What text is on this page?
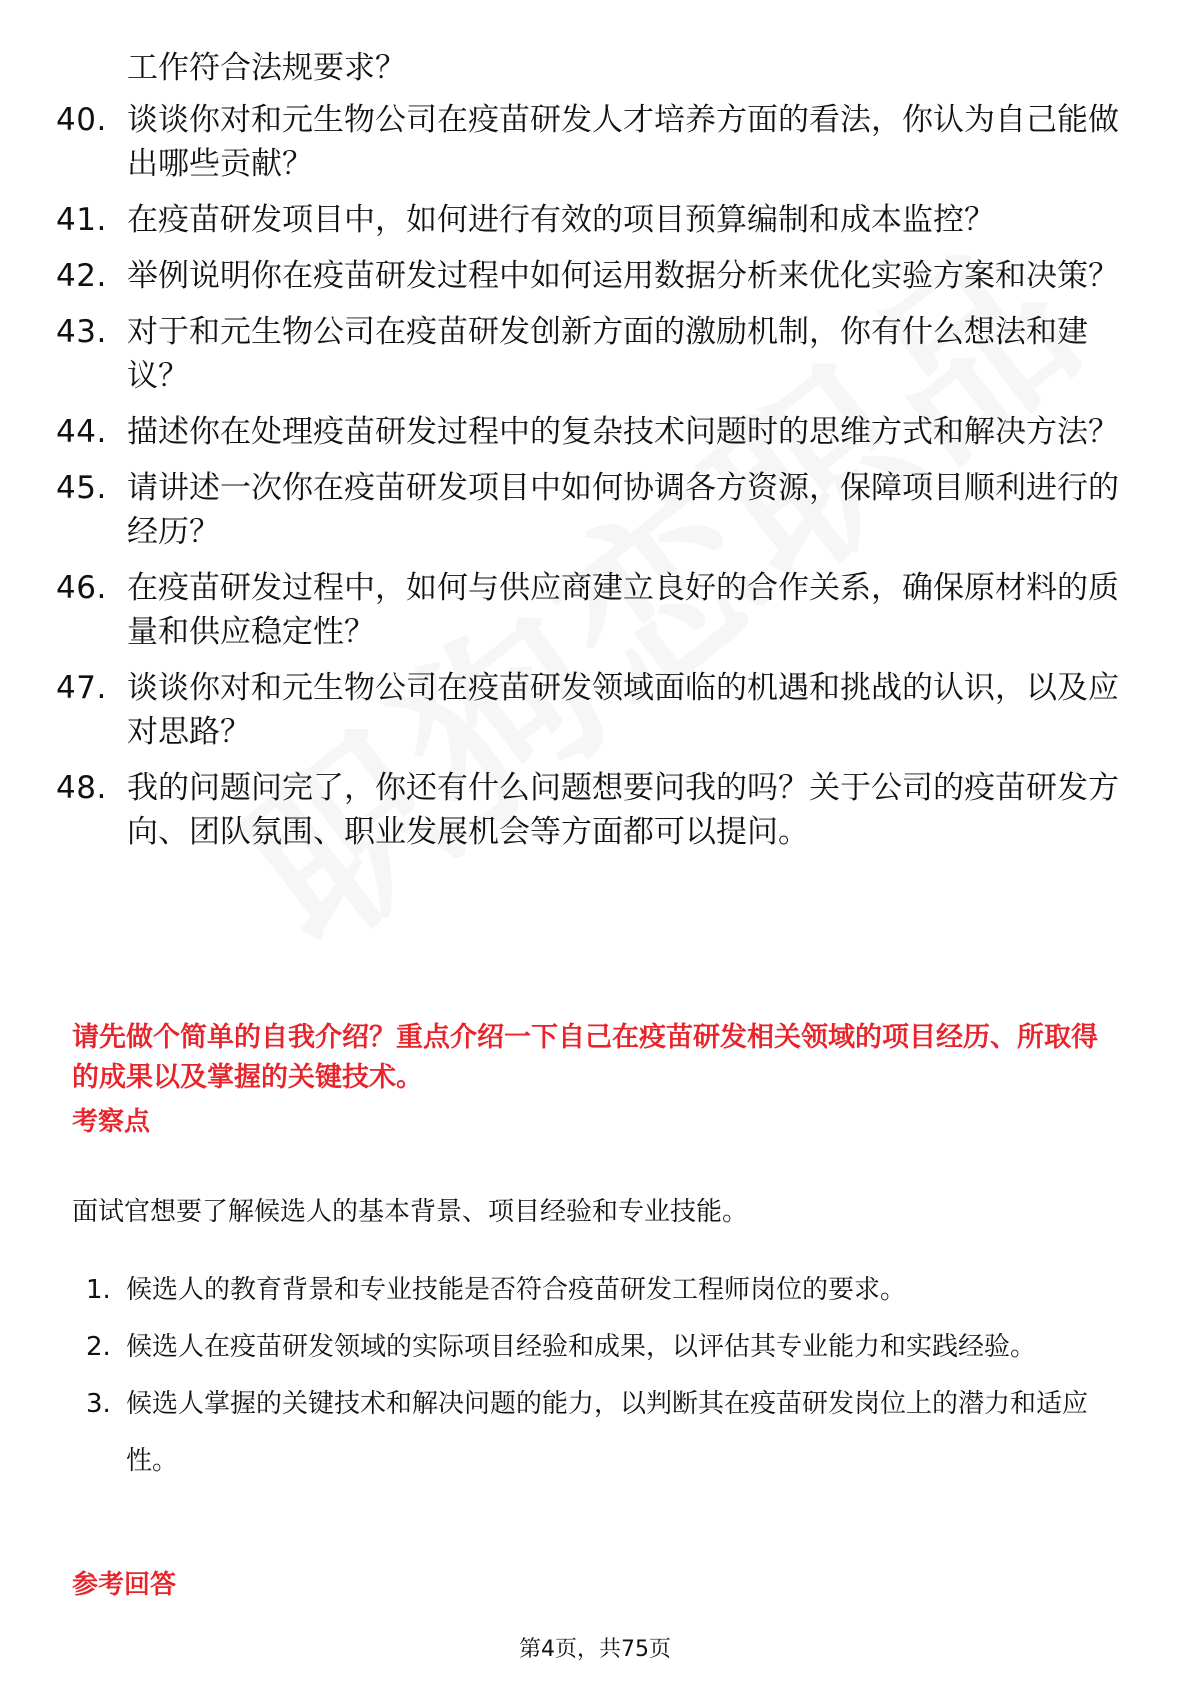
工作符合法规要求？
40. 谈谈你对和元生物公司在疫苗研发人才培养方面的看法，你认为自己能做出哪些贡献？
41. 在疫苗研发项目中，如何进行有效的项目预算编制和成本监控？
42. 举例说明你在疫苗研发过程中如何运用数据分析来优化实验方案和决策？
43. 对于和元生物公司在疫苗研发创新方面的激励机制，你有什么想法和建议？
44. 描述你在处理疫苗研发过程中的复杂技术问题时的思维方式和解决方法？
45. 请讲述一次你在疫苗研发项目中如何协调各方资源，保障项目顺利进行的经历？
46. 在疫苗研发过程中，如何与供应商建立良好的合作关系，确保原材料的质量和供应稳定性？
47. 谈谈你对和元生物公司在疫苗研发领域面临的机遇和挑战的认识，以及应对思路？
48. 我的问题问完了，你还有什么问题想要问我的吗？关于公司的疫苗研发方向、团队氛围、职业发展机会等方面都可以提问。
请先做个简单的自我介绍？重点介绍一下自己在疫苗研发相关领域的项目经历、所取得的成果以及掌握的关键技术。
考察点
面试官想要了解候选人的基本背景、项目经验和专业技能。
1. 候选人的教育背景和专业技能是否符合疫苗研发工程师岗位的要求。
2. 候选人在疫苗研发领域的实际项目经验和成果，以评估其专业能力和实践经验。
3. 候选人掌握的关键技术和解决问题的能力，以判断其在疫苗研发岗位上的潜力和适应性。
参考回答
第4页，共75页
